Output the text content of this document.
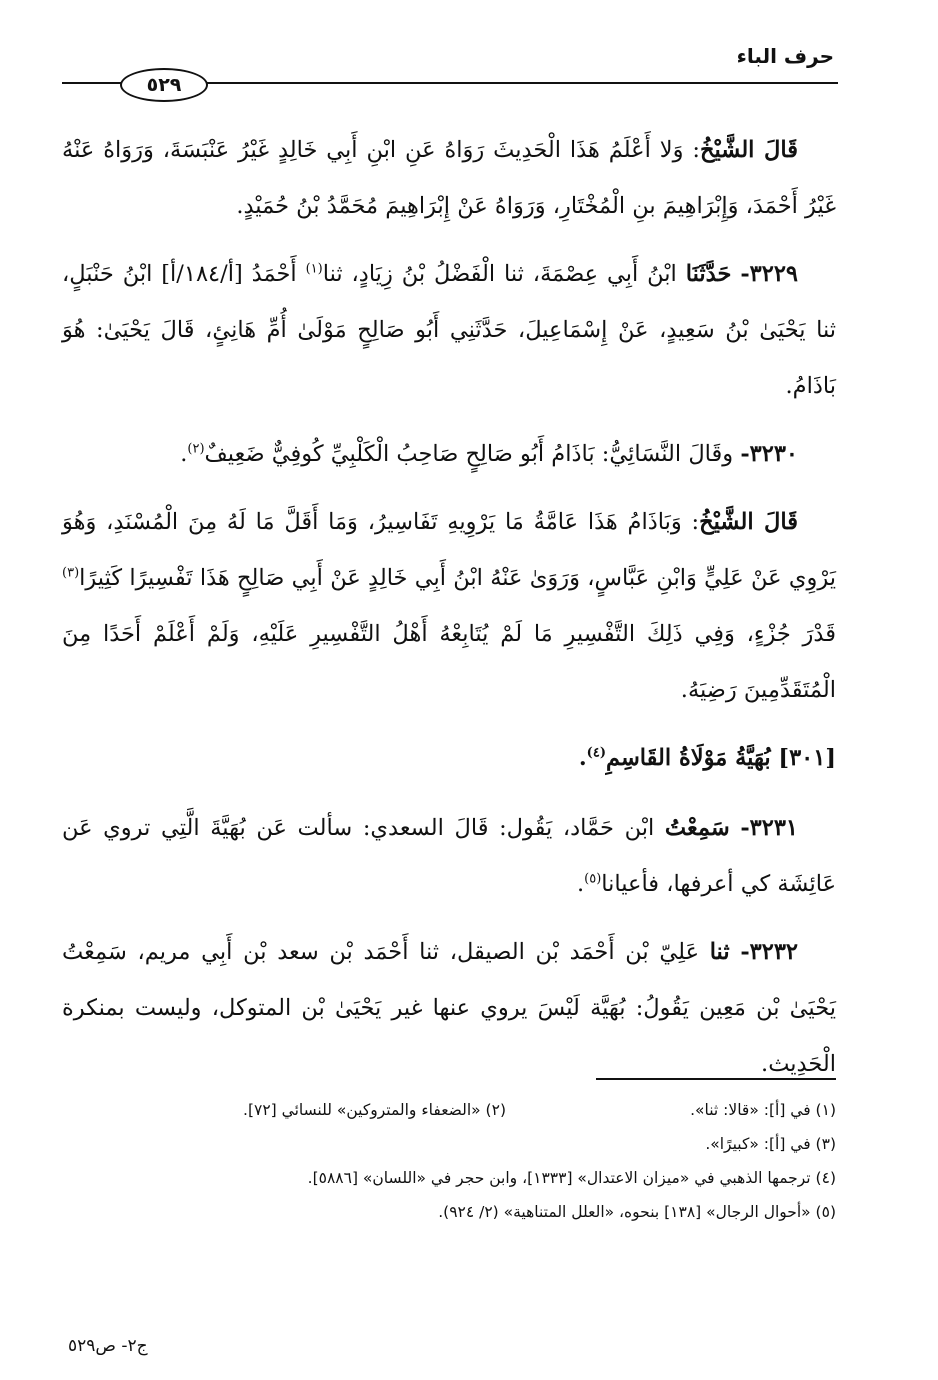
حرف الباء
٥٢٩

قَالَ الشَّيْخُ: وَلا أَعْلَمُ هَذَا الْحَدِيثَ رَوَاهُ عَنِ ابْنِ أَبِي خَالِدٍ غَيْرُ عَنْبَسَةَ، وَرَوَاهُ عَنْهُ غَيْرُ أَحْمَدَ، وَإِبْرَاهِيمَ بنِ الْمُخْتَارِ، وَرَوَاهُ عَنْ إِبْرَاهِيمَ مُحَمَّدُ بْنُ حُمَيْدٍ.

٣٢٢٩- حَدَّثَنَا ابْنُ أَبِي عِصْمَةَ، ثنا الْفَضْلُ بْنُ زِيَادٍ، ثنا$^{(١)}$ أَحْمَدُ [أ/١٨٤/أ] ابْنُ حَنْبَلٍ، ثنا يَحْيَىٰ بْنُ سَعِيدٍ، عَنْ إِسْمَاعِيلَ، حَدَّثَنِي أَبُو صَالِحٍ مَوْلَىٰ أُمِّ هَانِئٍ، قَالَ يَحْيَىٰ: هُوَ بَاذَامُ.

٣٢٣٠- وقَالَ النَّسَائِيُّ: بَاذَامُ أَبُو صَالِحٍ صَاحِبُ الْكَلْبِيِّ كُوفِيٌّ ضَعِيفٌ$^{(٢)}$.

قَالَ الشَّيْخُ: وَبَاذَامُ هَذَا عَامَّةُ مَا يَرْوِيهِ تَفَاسِيرُ، وَمَا أَقَلَّ مَا لَهُ مِنَ الْمُسْنَدِ، وَهُوَ يَرْوِي عَنْ عَلِيٍّ وَابْنِ عَبَّاسٍ، وَرَوَىٰ عَنْهُ ابْنُ أَبِي خَالِدٍ عَنْ أَبِي صَالِحٍ هَذَا تَفْسِيرًا كَثِيرًا$^{(٣)}$ قَدْرَ جُزْءٍ، وَفِي ذَلِكَ التَّفْسِيرِ مَا لَمْ يُتَابِعْهُ أَهْلُ التَّفْسِيرِ عَلَيْهِ، وَلَمْ أَعْلَمْ أَحَدًا مِنَ الْمُتَقَدِّمِينَ رَضِيَهُ.

[٣٠١] بُهَيَّةُ مَوْلَاةُ القَاسِمِ$^{(٤)}$.

٣٢٣١- سَمِعْتُ ابْن حَمَّاد، يَقُول: قَالَ السعدي: سألت عَن بُهَيَّةَ الَّتِي تروي عَن عَائِشَة كي أعرفها، فأعيانا$^{(٥)}$.

٣٢٣٢- ثنا عَلِيّ بْن أَحْمَد بْن الصيقل، ثنا أَحْمَد بْن سعد بْن أَبِي مريم، سَمِعْتُ يَحْيَىٰ بْن مَعِين يَقُولُ: بُهَيَّة لَيْسَ يروي عنها غير يَحْيَىٰ بْن المتوكل، وليست بمنكرة الْحَدِيث.

(١) في [أ]: «قالا: ثنا».
(٢) «الضعفاء والمتروكين» للنسائي [٧٢].
(٣) في [أ]: «كبيرًا».
(٤) ترجمها الذهبي في «ميزان الاعتدال» [١٣٣٣]، وابن حجر في «اللسان» [٥٨٨٦].
(٥) «أحوال الرجال» [١٣٨] بنحوه، «العلل المتناهية» (٢/ ٩٢٤).
ج٢- ص٥٢٩
